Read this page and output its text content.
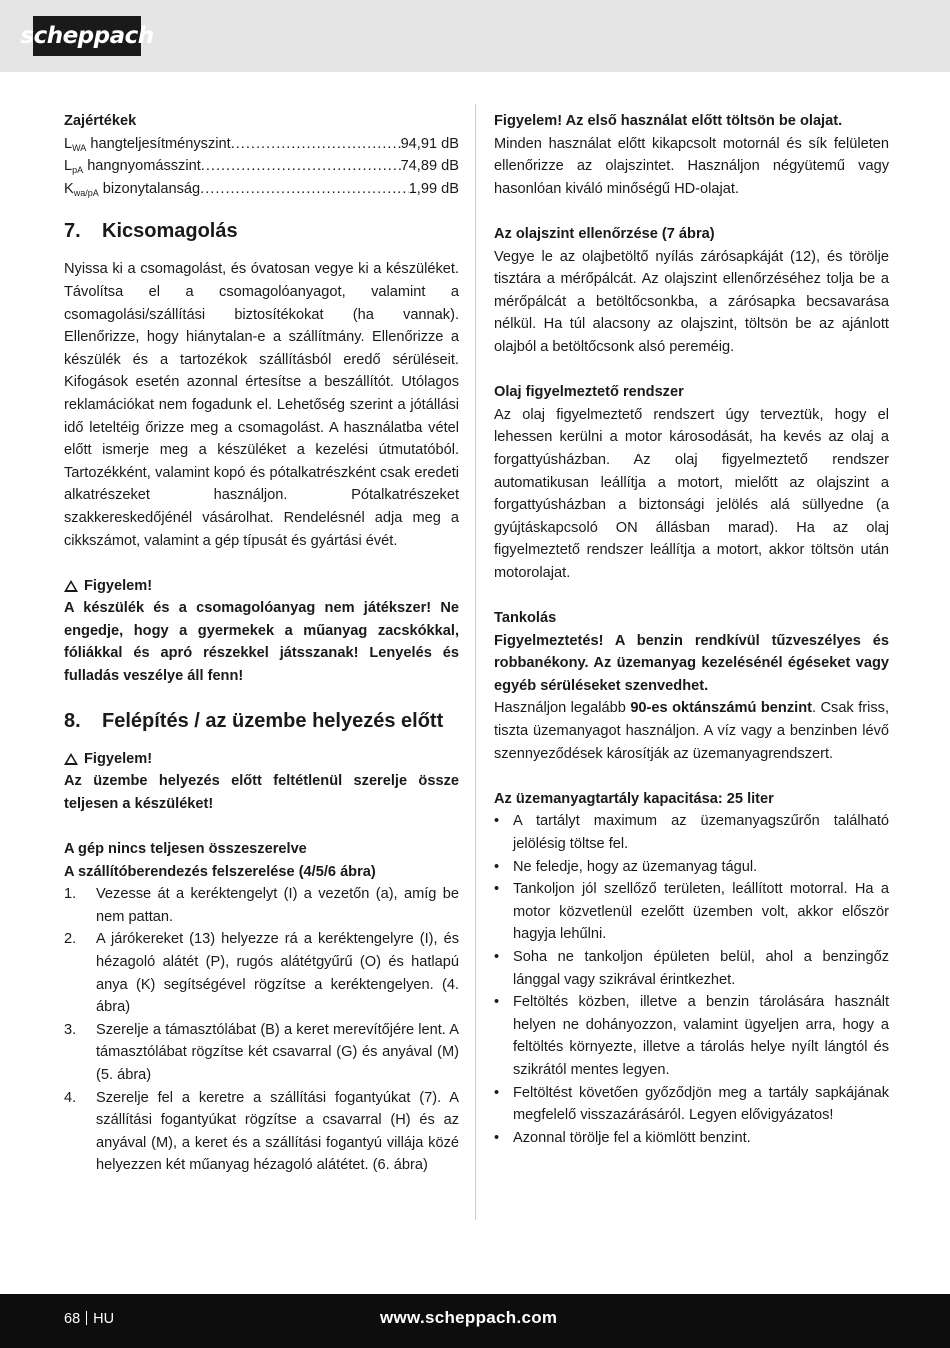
scheppach
Zajértékek
$L_{WA}$ hangteljesítményszint .....	94,91 dB
$L_{pA}$ hangnyomásszint .....	74,89 dB
$K_{wa/pA}$ bizonytalanság .....	1,99 dB
7.	Kicsomagolás
Nyissa ki a csomagolást, és óvatosan vegye ki a készüléket. Távolítsa el a csomagolóanyagot, valamint a csomagolási/szállítási biztosítékokat (ha vannak). Ellenőrizze, hogy hiánytalan-e a szállítmány. Ellenőrizze a készülék és a tartozékok szállításból eredő sérüléseit. Kifogások esetén azonnal értesítse a beszállítót. Utólagos reklamációkat nem fogadunk el. Lehetőség szerint a jótállási idő leteltéig őrizze meg a csomagolást. A használatba vétel előtt ismerje meg a készüléket a kezelési útmutatóból. Tartozékként, valamint kopó és pótalkatrészként csak eredeti alkatrészeket használjon. Pótalkatrészeket szakkereskedőjénél vásárolhat. Rendelésnél adja meg a cikkszámot, valamint a gép típusát és gyártási évét.
Figyelem!
A készülék és a csomagolóanyag nem játékszer! Ne engedje, hogy a gyermekek a műanyag zacskókkal, fóliákkal és apró részekkel játsszanak! Lenyelés és fulladás veszélye áll fenn!
8.	Felépítés / az üzembe helyezés előtt
Figyelem!
Az üzembe helyezés előtt feltétlenül szerelje össze teljesen a készüléket!
A gép nincs teljesen összeszerelve
A szállítóberendezés felszerelése (4/5/6 ábra)
1.	Vezesse át a keréktengelyt (I) a vezetőn (a), amíg be nem pattan.
2.	A járókereket (13) helyezze rá a keréktengelyre (I), és hézagoló alátét (P), rugós alátétgyűrű (O) és hatlapú anya (K) segítségével rögzítse a keréktengelyen. (4. ábra)
3.	Szerelje a támasztólábat (B) a keret merevítőjére lent. A támasztólábat rögzítse két csavarral (G) és anyával (M) (5. ábra)
4.	Szerelje fel a keretre a szállítási fogantyúkat (7). A szállítási fogantyúkat rögzítse a csavarral (H) és az anyával (M), a keret és a szállítási fogantyú villája közé helyezzen két műanyag hézagoló alátétet. (6. ábra)
Figyelem! Az első használat előtt töltsön be olajat.
Minden használat előtt kikapcsolt motornál és sík felületen ellenőrizze az olajszintet. Használjon négyütemű vagy hasonlóan kiváló minőségű HD-olajat.
Az olajszint ellenőrzése (7 ábra)
Vegye le az olajbetöltő nyílás zárósapkáját (12), és törölje tisztára a mérőpálcát. Az olajszint ellenőrzéséhez tolja be a mérőpálcát a betöltőcsonkba, a zárósapka becsavarása nélkül. Ha túl alacsony az olajszint, töltsön be az ajánlott olajból a betöltőcsonk alsó pereméig.
Olaj figyelmeztető rendszer
Az olaj figyelmeztető rendszert úgy terveztük, hogy el lehessen kerülni a motor károsodását, ha kevés az olaj a forgattyúsházban. Az olaj figyelmeztető rendszer automatikusan leállítja a motort, mielőtt az olajszint a forgattyúsházban a biztonsági jelölés alá süllyedne (a gyújtáskapcsoló ON állásban marad). Ha az olaj figyelmeztető rendszer leállítja a motort, akkor töltsön után motorolajat.
Tankolás
Figyelmeztetés! A benzin rendkívül tűzveszélyes és robbanékony. Az üzemanyag kezelésénél égéseket vagy egyéb sérüléseket szenvedhet.
Használjon legalább 90-es oktánszámú benzint. Csak friss, tiszta üzemanyagot használjon. A víz vagy a benzinben lévő szennyeződések károsítják az üzemanyagrendszert.
Az üzemanyagtartály kapacitása: 25 liter
• A tartályt maximum az üzemanyagszűrőn található jelölésig töltse fel.
• Ne feledje, hogy az üzemanyag tágul.
• Tankoljon jól szellőző területen, leállított motorral. Ha a motor közvetlenül ezelőtt üzemben volt, akkor először hagyja lehűlni.
• Soha ne tankoljon épületen belül, ahol a benzingőz lánggal vagy szikrával érintkezhet.
• Feltöltés közben, illetve a benzin tárolására használt helyen ne dohányozzon, valamint ügyeljen arra, hogy a feltöltés környezte, illetve a tárolás helye nyílt lángtól és szikrától mentes legyen.
• Feltöltést követően győződjön meg a tartály sapkájának megfelelő visszazárásáról. Legyen elővigyázatos!
• Azonnal törölje fel a kiömlött benzint.
68 HU	www.scheppach.com
